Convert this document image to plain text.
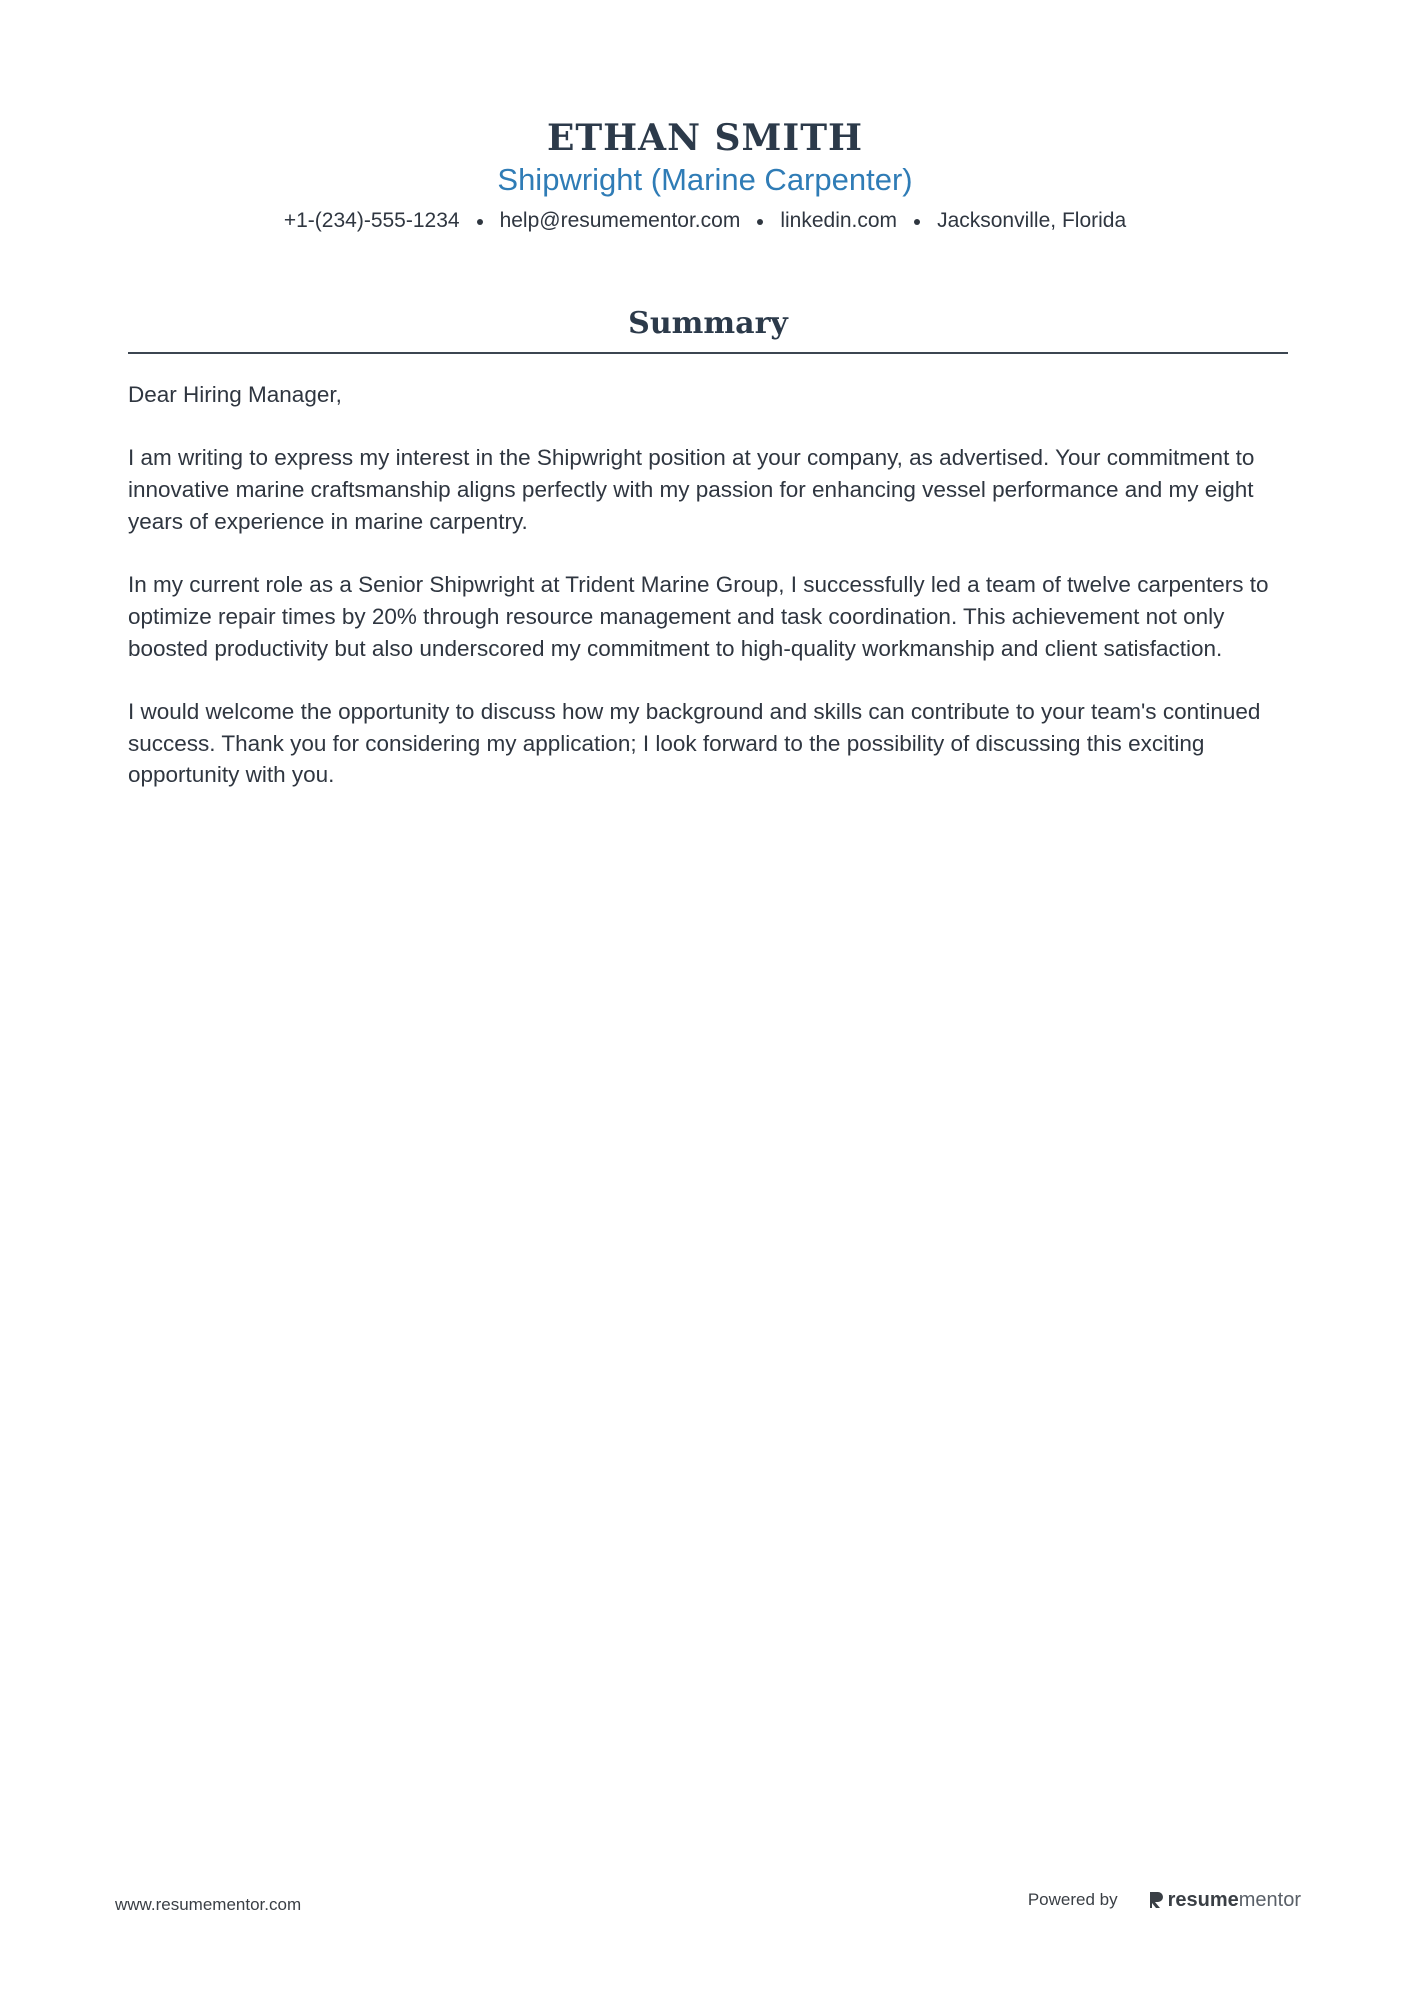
ETHAN SMITH
Shipwright (Marine Carpenter)
+1-(234)-555-1234 help@resumementor.com linkedin.com Jacksonville, Florida
Summary

Dear Hiring Manager,

I am writing to express my interest in the Shipwright position at your company, as advertised. Your commitment to innovative marine craftsmanship aligns perfectly with my passion for enhancing vessel performance and my eight years of experience in marine carpentry.

In my current role as a Senior Shipwright at Trident Marine Group, I successfully led a team of twelve carpenters to optimize repair times by 20% through resource management and task coordination. This achievement not only boosted productivity but also underscored my commitment to high-quality workmanship and client satisfaction.

I would welcome the opportunity to discuss how my background and skills can contribute to your team's continued success. Thank you for considering my application; I look forward to the possibility of discussing this exciting opportunity with you.

www.resumementor.com	Powered by	resume mentor
